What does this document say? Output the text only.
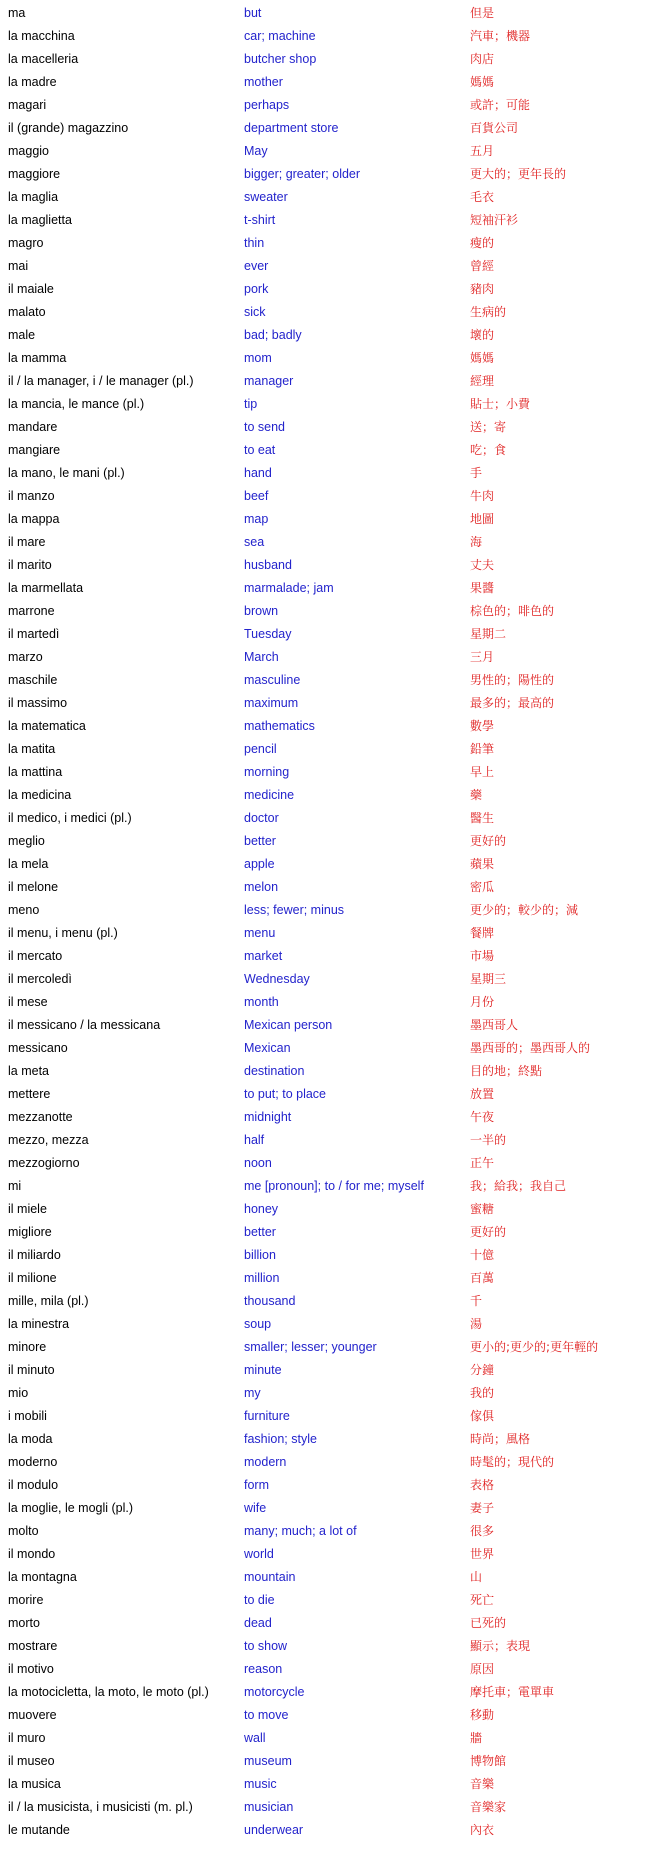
ma	but	但是
la macchina	car; machine	汽車；機器
la macelleria	butcher shop	肉店
la madre	mother	媽媽
magari	perhaps	或許；可能
il (grande) magazzino	department store	百貨公司
maggio	May	五月
maggiore	bigger; greater; older	更大的；更年長的
la maglia	sweater	毛衣
la maglietta	t-shirt	短袖汗衫
magro	thin	瘦的
mai	ever	曾經
il maiale	pork	豬肉
malato	sick	生病的
male	bad; badly	壞的
la mamma	mom	媽媽
il / la manager, i / le manager (pl.)	manager	經理
la mancia, le mance (pl.)	tip	貼士；小費
mandare	to send	送；寄
mangiare	to eat	吃；食
la mano, le mani (pl.)	hand	手
il manzo	beef	牛肉
la mappa	map	地圖
il mare	sea	海
il marito	husband	丈夫
la marmellata	marmalade; jam	果醬
marrone	brown	棕色的；啡色的
il martedì	Tuesday	星期二
marzo	March	三月
maschile	masculine	男性的；陽性的
il massimo	maximum	最多的；最高的
la matematica	mathematics	數學
la matita	pencil	鉛筆
la mattina	morning	早上
la medicina	medicine	藥
il medico, i medici (pl.)	doctor	醫生
meglio	better	更好的
la mela	apple	蘋果
il melone	melon	密瓜
meno	less; fewer; minus	更少的；較少的；減
il menu, i menu (pl.)	menu	餐牌
il mercato	market	市場
il mercoledì	Wednesday	星期三
il mese	month	月份
il messicano / la messicana	Mexican person	墨西哥人
messicano	Mexican	墨西哥的；墨西哥人的
la meta	destination	目的地；終點
mettere	to put; to place	放置
mezzanotte	midnight	午夜
mezzo, mezza	half	一半的
mezzogiorno	noon	正午
mi	me [pronoun]; to / for me; myself	我；給我；我自己
il miele	honey	蜜糖
migliore	better	更好的
il miliardo	billion	十億
il milione	million	百萬
mille, mila (pl.)	thousand	千
la minestra	soup	湯
minore	smaller; lesser; younger	更小的;更少的;更年輕的
il minuto	minute	分鐘
mio	my	我的
i mobili	furniture	傢俱
la moda	fashion; style	時尚；風格
moderno	modern	時髦的；現代的
il modulo	form	表格
la moglie, le mogli (pl.)	wife	妻子
molto	many; much; a lot of	很多
il mondo	world	世界
la montagna	mountain	山
morire	to die	死亡
morto	dead	已死的
mostrare	to show	顯示；表現
il motivo	reason	原因
la motocicletta, la moto, le moto (pl.)	motorcycle	摩托車；電單車
muovere	to move	移動
il muro	wall	牆
il museo	museum	博物館
la musica	music	音樂
il / la musicista, i musicisti (m. pl.)	musician	音樂家
le mutande	underwear	內衣
